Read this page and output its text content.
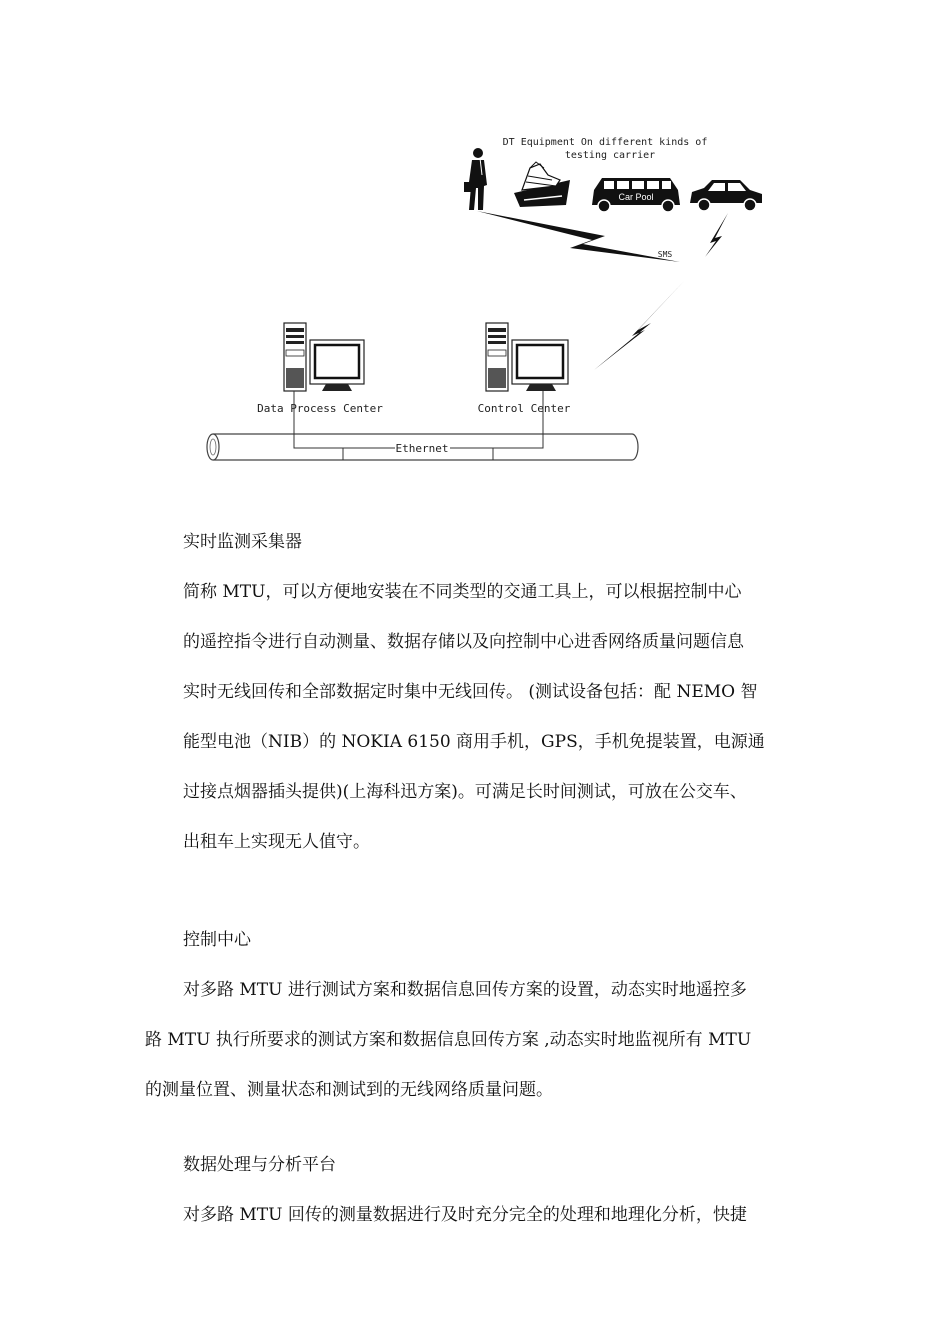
DT Equipment On different kinds of
testing carrier
Car Pool
SMS
Data Process Center	Control Center
Ethernet
实时监测采集器
简称 MTU，可以方便地安装在不同类型的交通工具上，可以根据控制中心
的遥控指令进行自动测量、数据存储以及向控制中心进香网络质量问题信息
实时无线回传和全部数据定时集中无线回传。 (测试设备包括：配 NEMO 智
能型电池（NIB）的 NOKIA 6150 商用手机，GPS，手机免提装置，电源通
过接点烟器插头提供)(上海科迅方案)。可满足长时间测试，可放在公交车、
出租车上实现无人值守。
控制中心
对多路 MTU 进行测试方案和数据信息回传方案的设置，动态实时地遥控多
路 MTU 执行所要求的测试方案和数据信息回传方案 ,动态实时地监视所有 MTU
的测量位置、测量状态和测试到的无线网络质量问题。
数据处理与分析平台
对多路 MTU 回传的测量数据进行及时充分完全的处理和地理化分析，快捷
